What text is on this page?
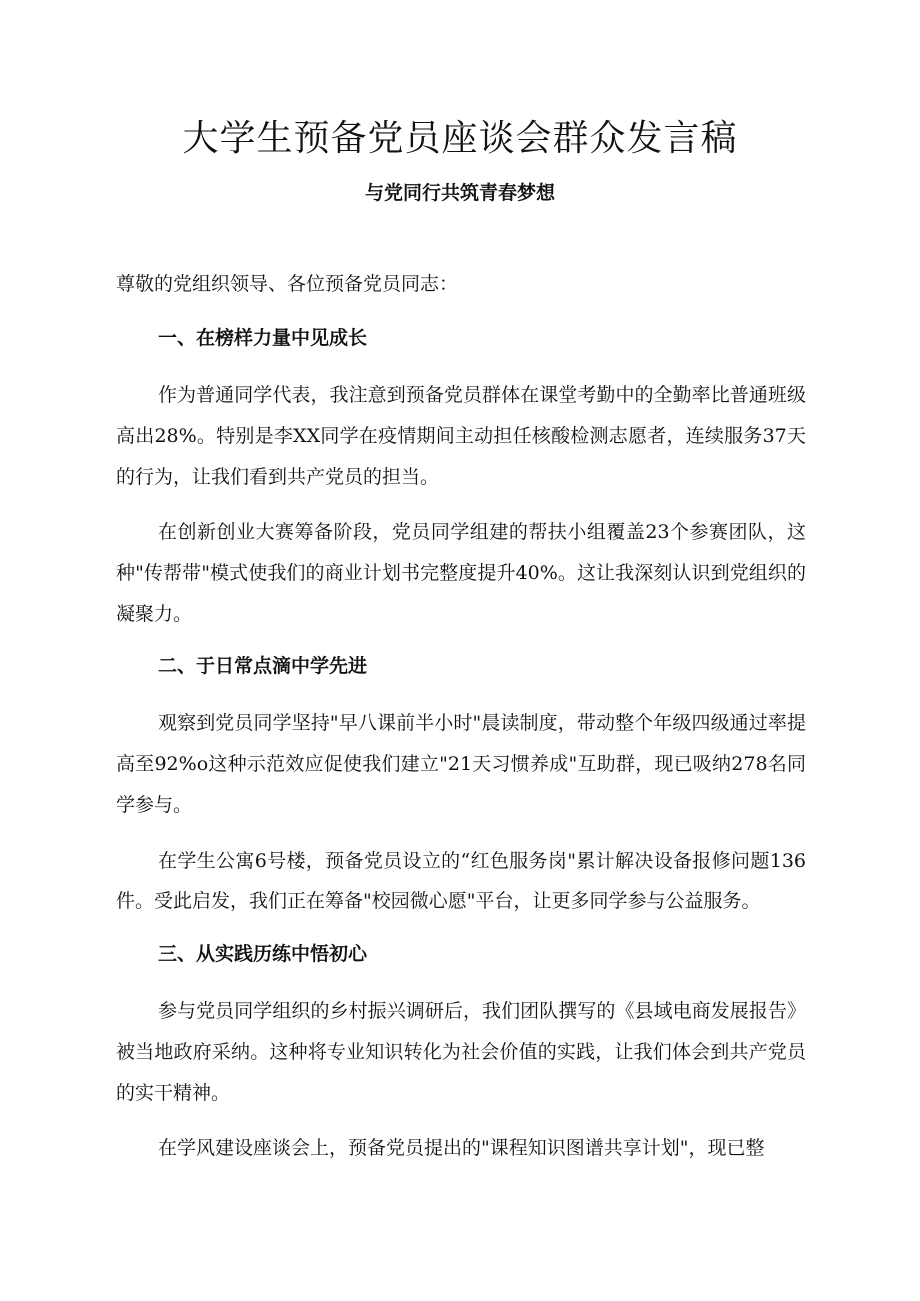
大学生预备党员座谈会群众发言稿
与党同行共筑青春梦想

尊敬的党组织领导、各位预备党员同志：

一、在榜样力量中见成长

作为普通同学代表，我注意到预备党员群体在课堂考勤中的全勤率比普通班级高出28%。特别是李XX同学在疫情期间主动担任核酸检测志愿者，连续服务37天的行为，让我们看到共产党员的担当。

在创新创业大赛筹备阶段，党员同学组建的帮扶小组覆盖23个参赛团队，这种"传帮带"模式使我们的商业计划书完整度提升40%。这让我深刻认识到党组织的凝聚力。

二、于日常点滴中学先进

观察到党员同学坚持"早八课前半小时"晨读制度，带动整个年级四级通过率提高至92%o这种示范效应促使我们建立"21天习惯养成"互助群，现已吸纳278名同学参与。

在学生公寓6号楼，预备党员设立的“红色服务岗"累计解决设备报修问题136件。受此启发，我们正在筹备"校园微心愿"平台，让更多同学参与公益服务。

三、从实践历练中悟初心

参与党员同学组织的乡村振兴调研后，我们团队撰写的《县域电商发展报告》被当地政府采纳。这种将专业知识转化为社会价值的实践，让我们体会到共产党员的实干精神。

在学风建设座谈会上，预备党员提出的"课程知识图谱共享计划"，现已整
